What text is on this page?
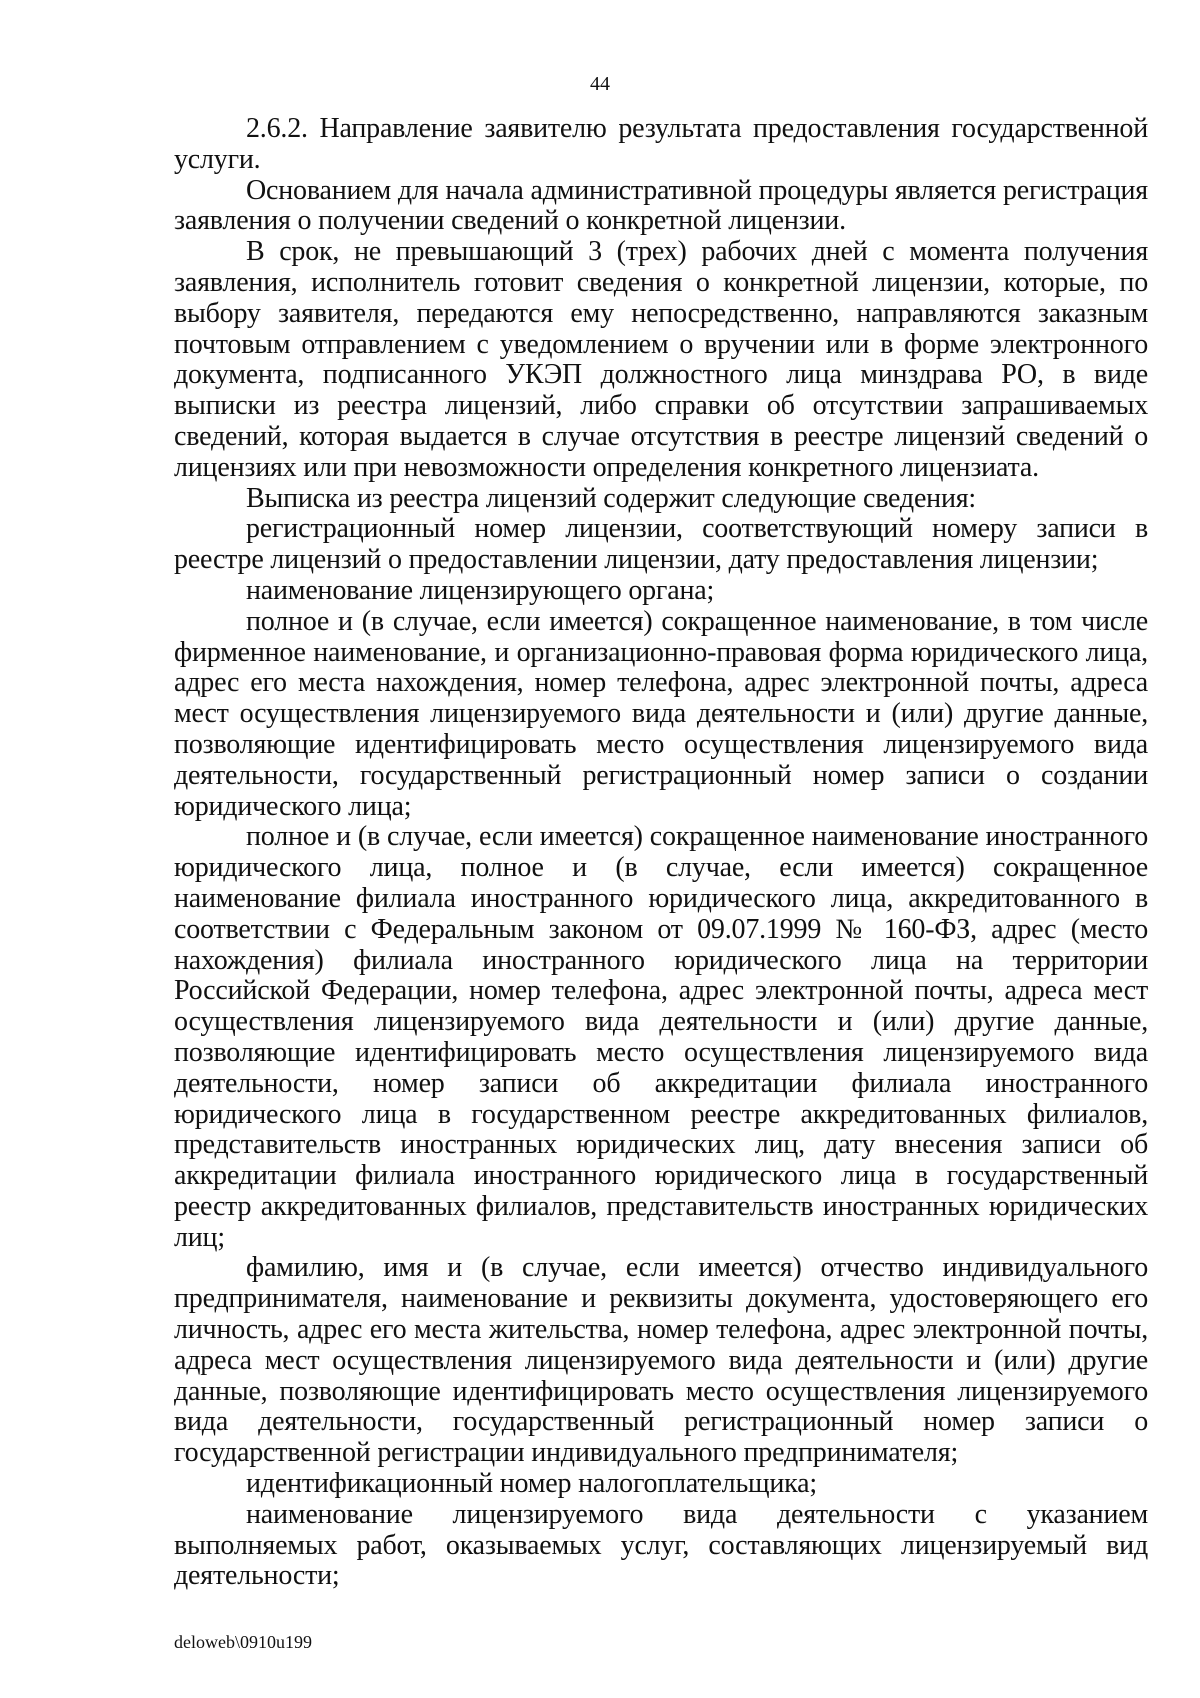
44

2.6.2. Направление заявителю результата предоставления государственной услуги.

Основанием для начала административной процедуры является регистрация заявления о получении сведений о конкретной лицензии.

В срок, не превышающий 3 (трех) рабочих дней с момента получения заявления, исполнитель готовит сведения о конкретной лицензии, которые, по выбору заявителя, передаются ему непосредственно, направляются заказным почтовым отправлением с уведомлением о вручении или в форме электронного документа, подписанного УКЭП должностного лица минздрава РО, в виде выписки из реестра лицензий, либо справки об отсутствии запрашиваемых сведений, которая выдается в случае отсутствия в реестре лицензий сведений о лицензиях или при невозможности определения конкретного лицензиата.

Выписка из реестра лицензий содержит следующие сведения:

регистрационный номер лицензии, соответствующий номеру записи в реестре лицензий о предоставлении лицензии, дату предоставления лицензии;

наименование лицензирующего органа;

полное и (в случае, если имеется) сокращенное наименование, в том числе фирменное наименование, и организационно-правовая форма юридического лица, адрес его места нахождения, номер телефона, адрес электронной почты, адреса мест осуществления лицензируемого вида деятельности и (или) другие данные, позволяющие идентифицировать место осуществления лицензируемого вида деятельности, государственный регистрационный номер записи о создании юридического лица;

полное и (в случае, если имеется) сокращенное наименование иностранного юридического лица, полное и (в случае, если имеется) сокращенное наименование филиала иностранного юридического лица, аккредитованного в соответствии с Федеральным законом от 09.07.1999 № 160-ФЗ, адрес (место нахождения) филиала иностранного юридического лица на территории Российской Федерации, номер телефона, адрес электронной почты, адреса мест осуществления лицензируемого вида деятельности и (или) другие данные, позволяющие идентифицировать место осуществления лицензируемого вида деятельности, номер записи об аккредитации филиала иностранного юридического лица в государственном реестре аккредитованных филиалов, представительств иностранных юридических лиц, дату внесения записи об аккредитации филиала иностранного юридического лица в государственный реестр аккредитованных филиалов, представительств иностранных юридических лиц;

фамилию, имя и (в случае, если имеется) отчество индивидуального предпринимателя, наименование и реквизиты документа, удостоверяющего его личность, адрес его места жительства, номер телефона, адрес электронной почты, адреса мест осуществления лицензируемого вида деятельности и (или) другие данные, позволяющие идентифицировать место осуществления лицензируемого вида деятельности, государственный регистрационный номер записи о государственной регистрации индивидуального предпринимателя;

идентификационный номер налогоплательщика;

наименование лицензируемого вида деятельности с указанием выполняемых работ, оказываемых услуг, составляющих лицензируемый вид деятельности;

deloweb\0910u199
